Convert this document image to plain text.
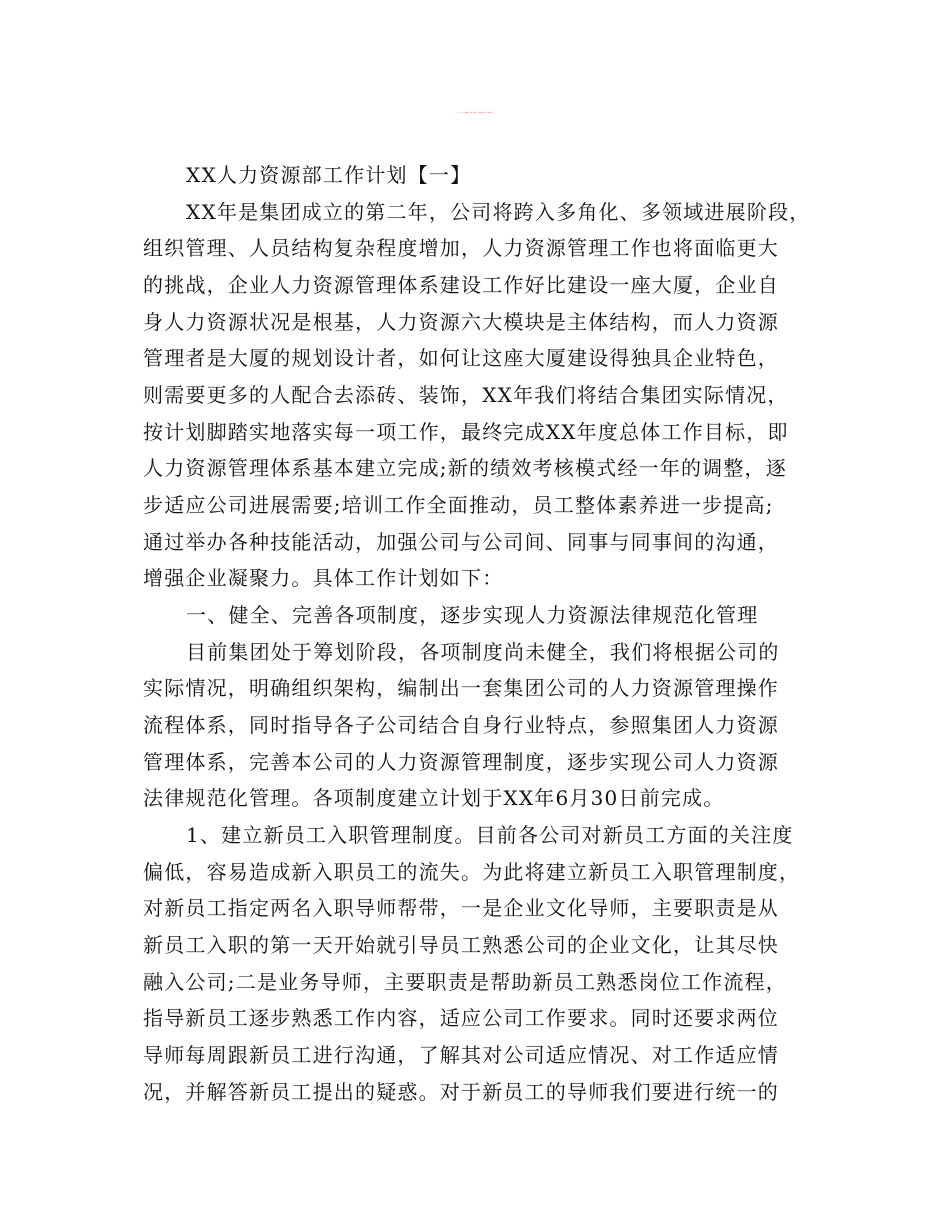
2024人力资源部工作计划 人力资源部工作计划范文
XX人力资源部工作计划【一】
XX年是集团成立的第二年，公司将跨入多角化、多领域进展阶段，
组织管理、人员结构复杂程度增加，人力资源管理工作也将面临更大
的挑战，企业人力资源管理体系建设工作好比建设一座大厦，企业自
身人力资源状况是根基，人力资源六大模块是主体结构，而人力资源
管理者是大厦的规划设计者，如何让这座大厦建设得独具企业特色，
则需要更多的人配合去添砖、装饰，XX年我们将结合集团实际情况，
按计划脚踏实地落实每一项工作，最终完成XX年度总体工作目标，即
人力资源管理体系基本建立完成;新的绩效考核模式经一年的调整，逐
步适应公司进展需要;培训工作全面推动，员工整体素养进一步提高;
通过举办各种技能活动，加强公司与公司间、同事与同事间的沟通，
增强企业凝聚力。具体工作计划如下：
一、健全、完善各项制度，逐步实现人力资源法律规范化管理
目前集团处于筹划阶段，各项制度尚未健全，我们将根据公司的
实际情况，明确组织架构，编制出一套集团公司的人力资源管理操作
流程体系，同时指导各子公司结合自身行业特点，参照集团人力资源
管理体系，完善本公司的人力资源管理制度，逐步实现公司人力资源
法律规范化管理。各项制度建立计划于XX年6月30日前完成。
1、建立新员工入职管理制度。目前各公司对新员工方面的关注度
偏低，容易造成新入职员工的流失。为此将建立新员工入职管理制度，
对新员工指定两名入职导师帮带，一是企业文化导师，主要职责是从
新员工入职的第一天开始就引导员工熟悉公司的企业文化，让其尽快
融入公司;二是业务导师，主要职责是帮助新员工熟悉岗位工作流程，
指导新员工逐步熟悉工作内容，适应公司工作要求。同时还要求两位
导师每周跟新员工进行沟通，了解其对公司适应情况、对工作适应情
况，并解答新员工提出的疑惑。对于新员工的导师我们要进行统一的
